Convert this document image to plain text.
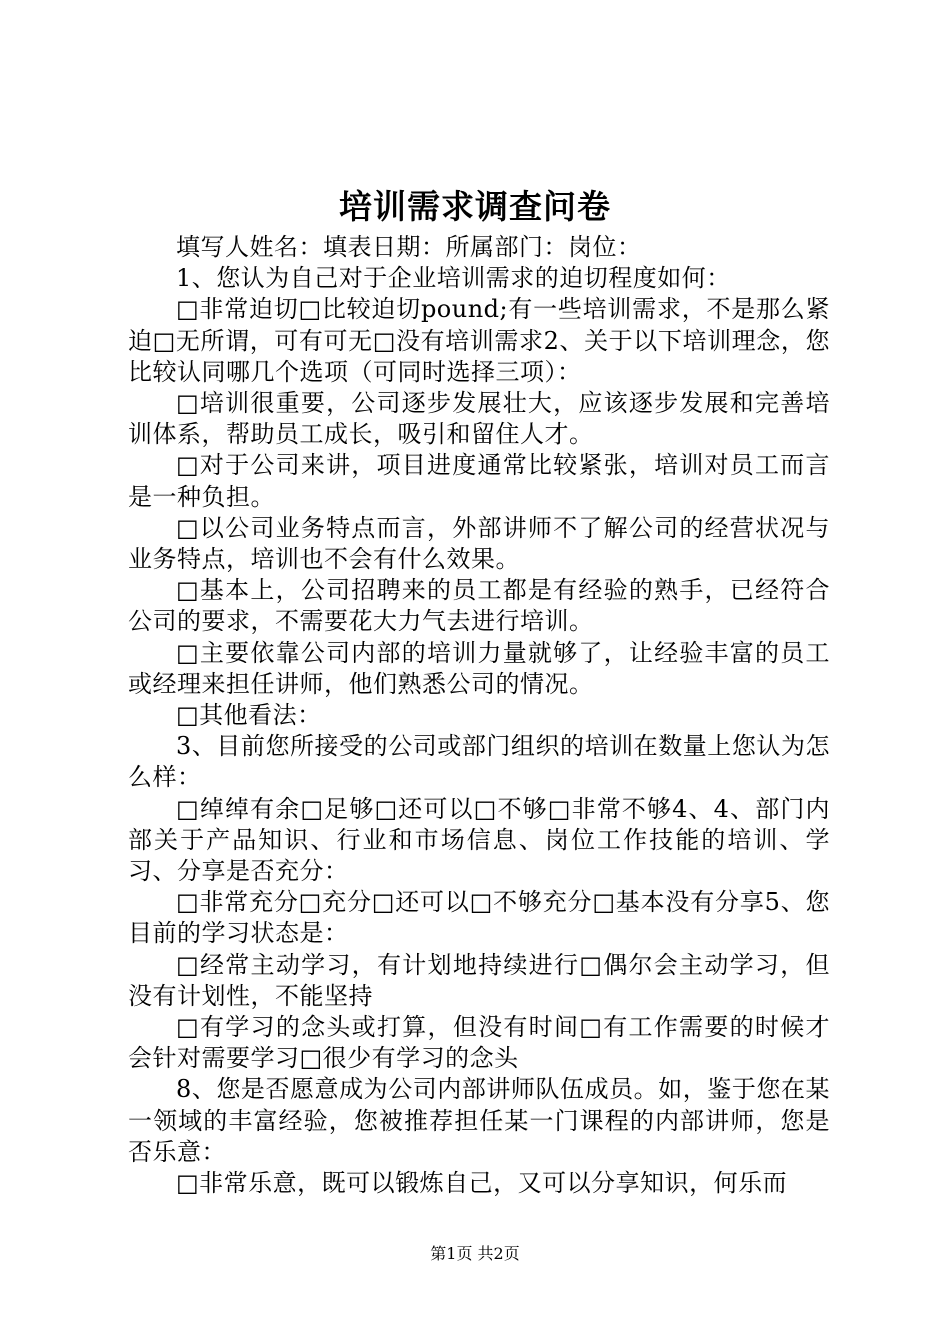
培训需求调查问卷

填写人姓名：填表日期：所属部门：岗位：

1、您认为自己对于企业培训需求的迫切程度如何：

□非常迫切□比较迫切pound;有一些培训需求，不是那么紧迫□无所谓，可有可无□没有培训需求2、关于以下培训理念，您比较认同哪几个选项（可同时选择三项）：

□培训很重要，公司逐步发展壮大，应该逐步发展和完善培训体系，帮助员工成长，吸引和留住人才。

□对于公司来讲，项目进度通常比较紧张，培训对员工而言是一种负担。

□以公司业务特点而言，外部讲师不了解公司的经营状况与业务特点，培训也不会有什么效果。

□基本上，公司招聘来的员工都是有经验的熟手，已经符合公司的要求，不需要花大力气去进行培训。

□主要依靠公司内部的培训力量就够了，让经验丰富的员工或经理来担任讲师，他们熟悉公司的情况。

□其他看法：

3、目前您所接受的公司或部门组织的培训在数量上您认为怎么样：

□绰绰有余□足够□还可以□不够□非常不够4、4、部门内部关于产品知识、行业和市场信息、岗位工作技能的培训、学习、分享是否充分：

□非常充分□充分□还可以□不够充分□基本没有分享5、您目前的学习状态是：

□经常主动学习，有计划地持续进行□偶尔会主动学习，但没有计划性，不能坚持

□有学习的念头或打算，但没有时间□有工作需要的时候才会针对需要学习□很少有学习的念头

8、您是否愿意成为公司内部讲师队伍成员。如，鉴于您在某一领域的丰富经验，您被推荐担任某一门课程的内部讲师，您是否乐意：

□非常乐意，既可以锻炼自己，又可以分享知识，何乐而

第1页 共2页
